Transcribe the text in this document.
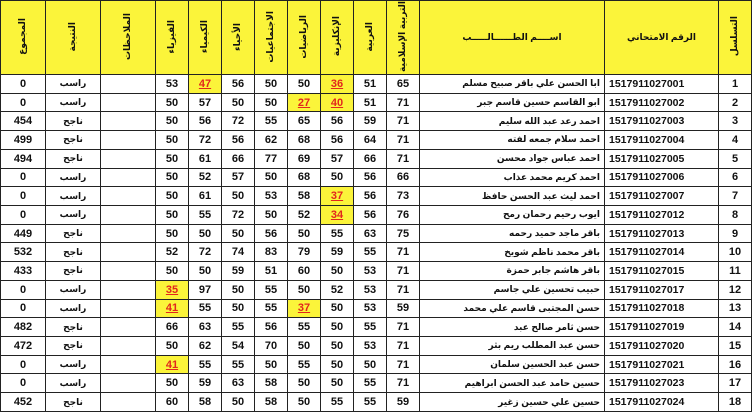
التسلسل	الرقم الامتحاني	اســــم الطــــــالـــــب	التربية الإسلامية	العربية	الإنكليزية	الرياضيات	الاجتماعيات	الأحياء	الكيمياء	الفيزياء	الملاحظات	النتيجة	المجموع
1	1517911027001	ابا الحسن علي باقر صبيح مسلم	65	51	36	50	50	56	47	53		راسب	0
2	1517911027002	ابو القاسم حسين قاسم جبر	71	51	40	27	50	50	57	50		راسب	0
3	1517911027003	احمد رعد عبد الله سليم	71	59	56	65	55	72	56	50		ناجح	454
4	1517911027004	احمد سلام جمعه لفته	71	64	56	68	62	56	72	50		ناجح	499
5	1517911027005	احمد عباس جواد محسن	71	66	57	69	77	66	61	50		ناجح	494
6	1517911027006	احمد كريم محمد عذاب	66	56	50	68	50	57	52	50		راسب	0
7	1517911027007	احمد ليث عبد الحسن حافظ	73	56	37	58	53	50	61	50		راسب	0
8	1517911027012	ايوب رحيم رحمان رمح	76	56	34	52	50	72	55	50		راسب	0
9	1517911027013	باقر ماجد حميد رحمه	75	63	55	50	56	50	50	50		ناجح	449
10	1517911027014	باقر محمد ناظم شويخ	71	55	59	79	83	74	72	52		ناجح	532
11	1517911027015	باقر هاشم جابر حمزة	71	53	50	60	51	59	50	50		ناجح	433
12	1517911027017	حبيب تحسين علي جاسم	71	53	52	50	55	50	97	35		راسب	0
13	1517911027018	حسن المجتبى قاسم علي محمد	59	53	50	37	55	50	55	41		راسب	0
14	1517911027019	حسن ثامر صالح عبد	71	55	50	55	56	55	63	66		ناجح	482
15	1517911027020	حسن عبد المطلب ريم بثر	71	53	50	50	70	54	62	50		ناجح	472
16	1517911027021	حسن عبد الحسين سلمان	71	50	50	55	50	55	55	41		راسب	0
17	1517911027023	حسين حامد عبد الحسن ابراهيم	71	55	50	50	58	63	59	50		راسب	0
18	1517911027024	حسين علي حسين زغير	59	55	55	50	58	50	58	60		ناجح	452
